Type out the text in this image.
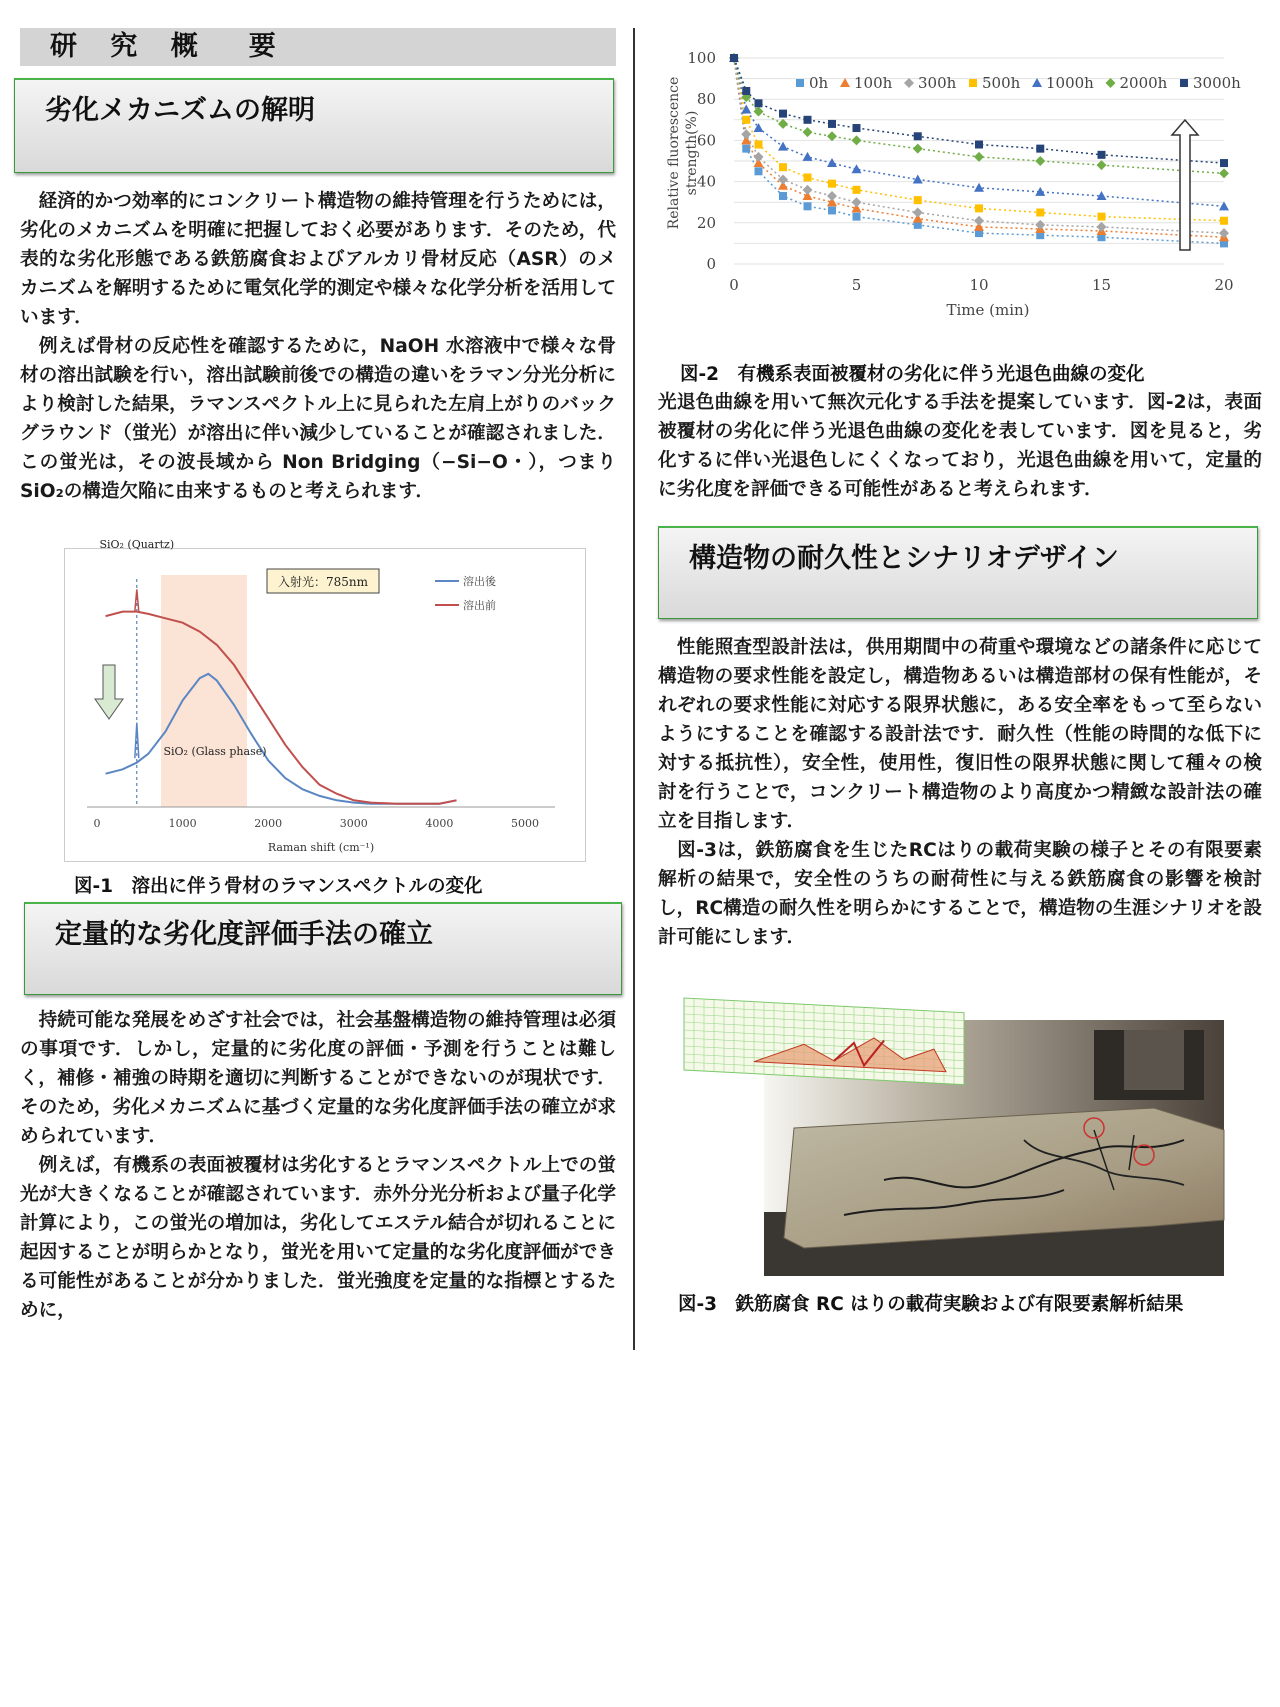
研 究 概　要
劣化メカニズムの解明

　経済的かつ効率的にコンクリート構造物の維持管理を行うためには，劣化のメカニズムを明確に把握しておく必要があります．そのため，代表的な劣化形態である鉄筋腐食およびアルカリ骨材反応（ASR）のメカニズムを解明するために電気化学的測定や様々な化学分析を活用しています．

　例えば骨材の反応性を確認するために，NaOH 水溶液中で様々な骨材の溶出試験を行い，溶出試験前後での構造の違いをラマン分光分析により検討した結果，ラマンスペクトル上に見られた左肩上がりのバックグラウンド（蛍光）が溶出に伴い減少していることが確認されました．この蛍光は，その波長域から Non Bridging（−Si−O・），つまり SiO₂の構造欠陥に由来するものと考えられます．

0	1000	2000	3000	4000	5000
溶出後
溶出前
入射光：785nm
SiO₂ (Quartz)
SiO₂ (Glass phase)
Raman shift (cm⁻¹)
図-1　溶出に伴う骨材のラマンスペクトルの変化
定量的な劣化度評価手法の確立

　持続可能な発展をめざす社会では，社会基盤構造物の維持管理は必須の事項です．しかし，定量的に劣化度の評価・予測を行うことは難しく，補修・補強の時期を適切に判断することができないのが現状です． そのため，劣化メカニズムに基づく定量的な劣化度評価手法の確立が求められています．

　例えば，有機系の表面被覆材は劣化するとラマンスペクトル上での蛍光が大きくなることが確認されています．赤外分光分析および量子化学計算により，この蛍光の増加は，劣化してエステル結合が切れることに起因することが明らかとなり，蛍光を用いて定量的な劣化度評価ができる可能性があることが分かりました．蛍光強度を定量的な指標とするために，

0
20
40
60
80
100
0	5	10	15	20
0h 100h 300h 500h 1000h 2000h 3000h
Time (min)
Relative fluorescence strength(%)
図-2　有機系表面被覆材の劣化に伴う光退色曲線の変化

光退色曲線を用いて無次元化する手法を提案しています．図-2は，表面被覆材の劣化に伴う光退色曲線の変化を表しています．図を見ると，劣化するに伴い光退色しにくくなっており，光退色曲線を用いて，定量的に劣化度を評価できる可能性があると考えられます．

構造物の耐久性とシナリオデザイン

　性能照査型設計法は，供用期間中の荷重や環境などの諸条件に応じて構造物の要求性能を設定し，構造物あるいは構造部材の保有性能が，それぞれの要求性能に対応する限界状態に，ある安全率をもって至らないようにすることを確認する設計法です．耐久性（性能の時間的な低下に対する抵抗性），安全性，使用性，復旧性の限界状態に関して種々の検討を行うことで，コンクリート構造物のより高度かつ精緻な設計法の確立を目指します．

　図-3は，鉄筋腐食を生じたRCはりの載荷実験の様子とその有限要素解析の結果で，安全性のうちの耐荷性に与える鉄筋腐食の影響を検討し，RC構造の耐久性を明らかにすることで，構造物の生涯シナリオを設計可能にします．

図-3　鉄筋腐食 RC はりの載荷実験および有限要素解析結果
